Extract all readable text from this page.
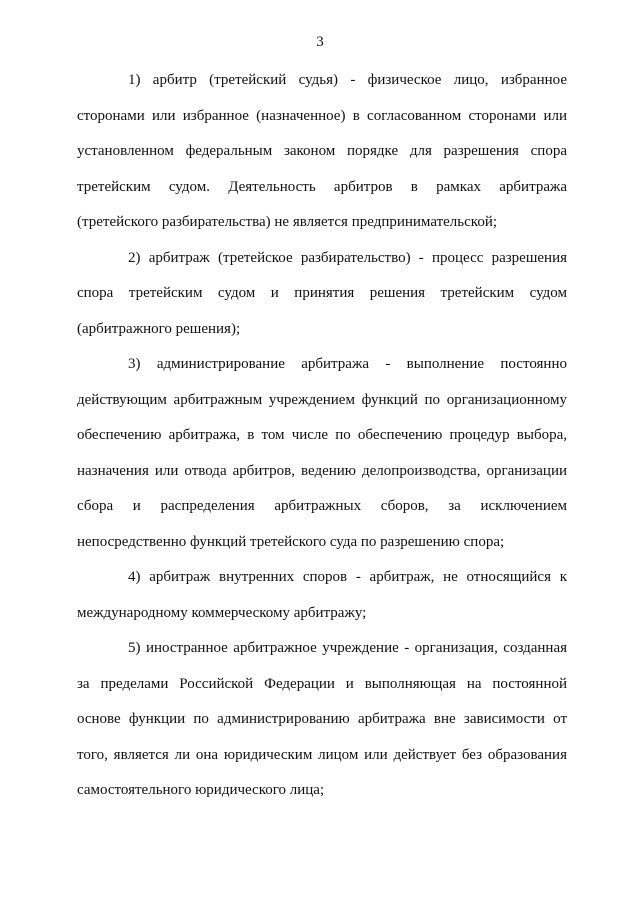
3

1) арбитр (третейский судья) - физическое лицо, избранное
сторонами или избранное (назначенное) в согласованном сторонами или
установленном федеральным законом порядке для разрешения спора
третейским судом. Деятельность арбитров в рамках арбитража
(третейского разбирательства) не является предпринимательской;

2) арбитраж (третейское разбирательство) - процесс разрешения
спора третейским судом и принятия решения третейским судом
(арбитражного решения);

3) администрирование арбитража - выполнение постоянно
действующим арбитражным учреждением функций по организационному
обеспечению арбитража, в том числе по обеспечению процедур выбора,
назначения или отвода арбитров, ведению делопроизводства, организации
сбора и распределения арбитражных сборов, за исключением
непосредственно функций третейского суда по разрешению спора;

4) арбитраж внутренних споров - арбитраж, не относящийся к
международному коммерческому арбитражу;

5) иностранное арбитражное учреждение - организация, созданная
за пределами Российской Федерации и выполняющая на постоянной
основе функции по администрированию арбитража вне зависимости от
того, является ли она юридическим лицом или действует без образования
самостоятельного юридического лица;
